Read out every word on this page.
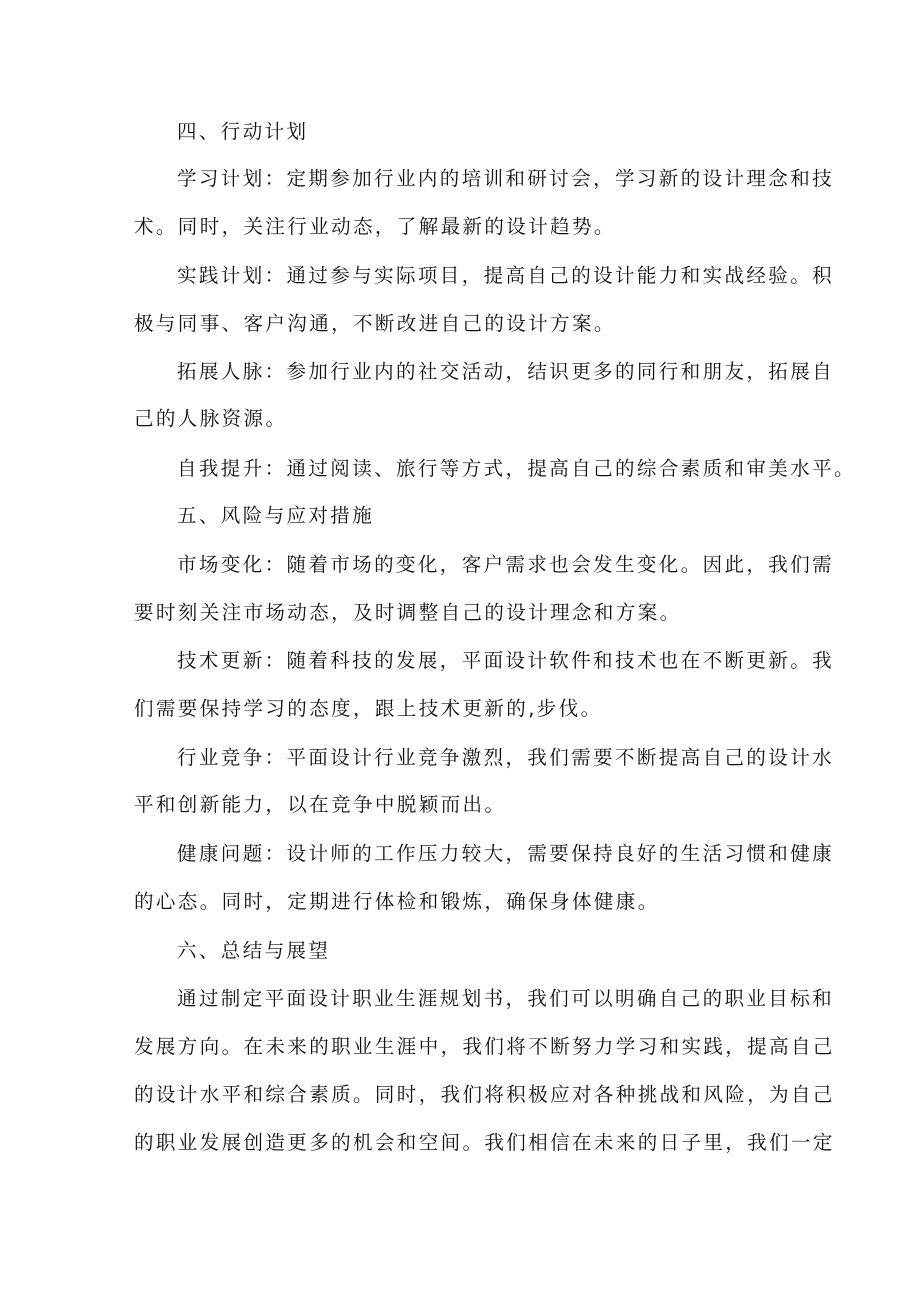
四、行动计划
学习计划：定期参加行业内的培训和研讨会，学习新的设计理念和技
术。同时，关注行业动态，了解最新的设计趋势。
实践计划：通过参与实际项目，提高自己的设计能力和实战经验。积
极与同事、客户沟通，不断改进自己的设计方案。
拓展人脉：参加行业内的社交活动，结识更多的同行和朋友，拓展自
己的人脉资源。
自我提升：通过阅读、旅行等方式，提高自己的综合素质和审美水平。
五、风险与应对措施
市场变化：随着市场的变化，客户需求也会发生变化。因此，我们需
要时刻关注市场动态，及时调整自己的设计理念和方案。
技术更新：随着科技的发展，平面设计软件和技术也在不断更新。我
们需要保持学习的态度，跟上技术更新的,步伐。
行业竞争：平面设计行业竞争激烈，我们需要不断提高自己的设计水
平和创新能力，以在竞争中脱颖而出。
健康问题：设计师的工作压力较大，需要保持良好的生活习惯和健康
的心态。同时，定期进行体检和锻炼，确保身体健康。
六、总结与展望
通过制定平面设计职业生涯规划书，我们可以明确自己的职业目标和
发展方向。在未来的职业生涯中，我们将不断努力学习和实践，提高自己
的设计水平和综合素质。同时，我们将积极应对各种挑战和风险，为自己
的职业发展创造更多的机会和空间。我们相信在未来的日子里，我们一定
